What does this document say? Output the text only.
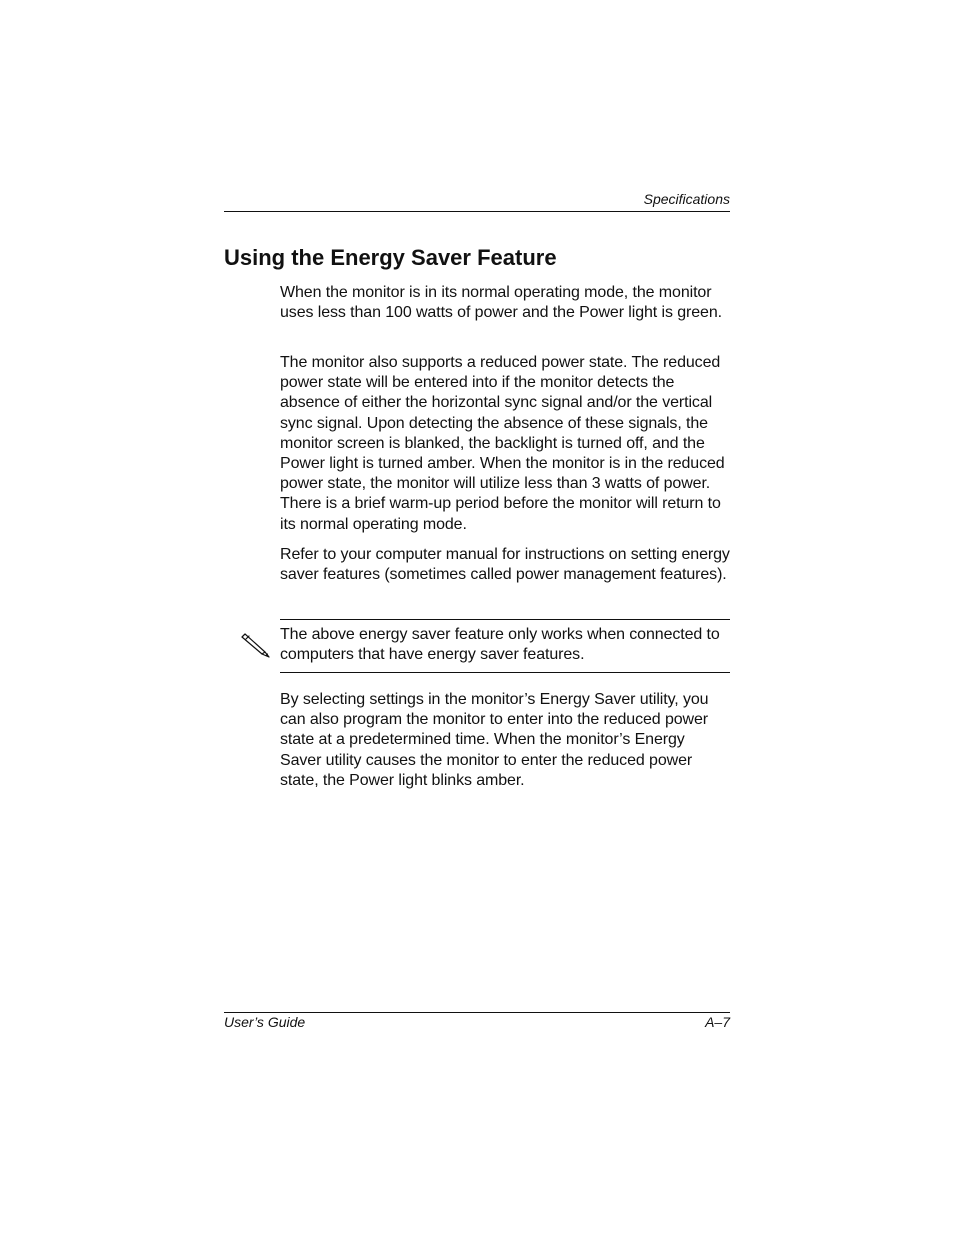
Specifications
Using the Energy Saver Feature

When the monitor is in its normal operating mode, the monitor uses less than 100 watts of power and the Power light is green.

The monitor also supports a reduced power state. The reduced power state will be entered into if the monitor detects the absence of either the horizontal sync signal and/or the vertical sync signal. Upon detecting the absence of these signals, the monitor screen is blanked, the backlight is turned off, and the Power light is turned amber. When the monitor is in the reduced power state, the monitor will utilize less than 3 watts of power. There is a brief warm-up period before the monitor will return to its normal operating mode.

Refer to your computer manual for instructions on setting energy saver features (sometimes called power management features).

The above energy saver feature only works when connected to computers that have energy saver features.

By selecting settings in the monitor’s Energy Saver utility, you can also program the monitor to enter into the reduced power state at a predetermined time. When the monitor’s Energy Saver utility causes the monitor to enter the reduced power state, the Power light blinks amber.

User’s Guide	A–7
